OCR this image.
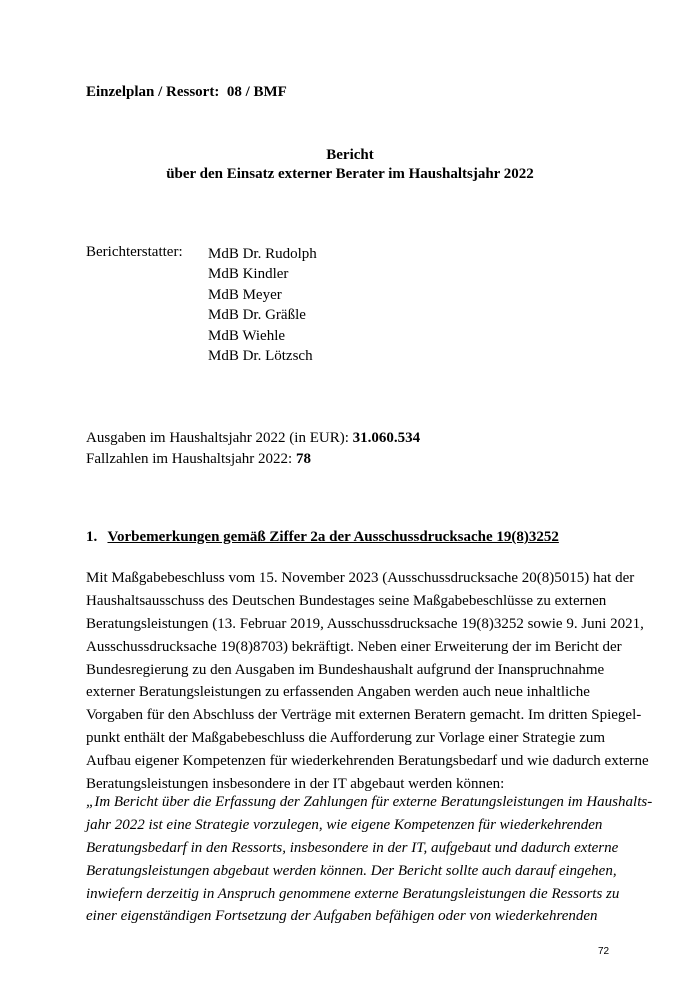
Einzelplan / Ressort: 08 / BMF
Bericht
über den Einsatz externer Berater im Haushaltsjahr 2022
Berichterstatter: MdB Dr. Rudolph
MdB Kindler
MdB Meyer
MdB Dr. Gräßle
MdB Wiehle
MdB Dr. Lötzsch
Ausgaben im Haushaltsjahr 2022 (in EUR): 31.060.534
Fallzahlen im Haushaltsjahr 2022: 78
1. Vorbemerkungen gemäß Ziffer 2a der Ausschussdrucksache 19(8)3252
Mit Maßgabebeschluss vom 15. November 2023 (Ausschussdrucksache 20(8)5015) hat der
Haushaltsausschuss des Deutschen Bundestages seine Maßgabebeschlüsse zu externen
Beratungsleistungen (13. Februar 2019, Ausschussdrucksache 19(8)3252 sowie 9. Juni 2021,
Ausschussdrucksache 19(8)8703) bekräftigt. Neben einer Erweiterung der im Bericht der
Bundesregierung zu den Ausgaben im Bundeshaushalt aufgrund der Inanspruchnahme
externer Beratungsleistungen zu erfassenden Angaben werden auch neue inhaltliche
Vorgaben für den Abschluss der Verträge mit externen Beratern gemacht. Im dritten Spiegel-
punkt enthält der Maßgabebeschluss die Aufforderung zur Vorlage einer Strategie zum
Aufbau eigener Kompetenzen für wiederkehrenden Beratungsbedarf und wie dadurch externe
Beratungsleistungen insbesondere in der IT abgebaut werden können:
„Im Bericht über die Erfassung der Zahlungen für externe Beratungsleistungen im Haushalts-
jahr 2022 ist eine Strategie vorzulegen, wie eigene Kompetenzen für wiederkehrenden
Beratungsbedarf in den Ressorts, insbesondere in der IT, aufgebaut und dadurch externe
Beratungsleistungen abgebaut werden können. Der Bericht sollte auch darauf eingehen,
inwiefern derzeitig in Anspruch genommene externe Beratungsleistungen die Ressorts zu
einer eigenständigen Fortsetzung der Aufgaben befähigen oder von wiederkehrenden
72
